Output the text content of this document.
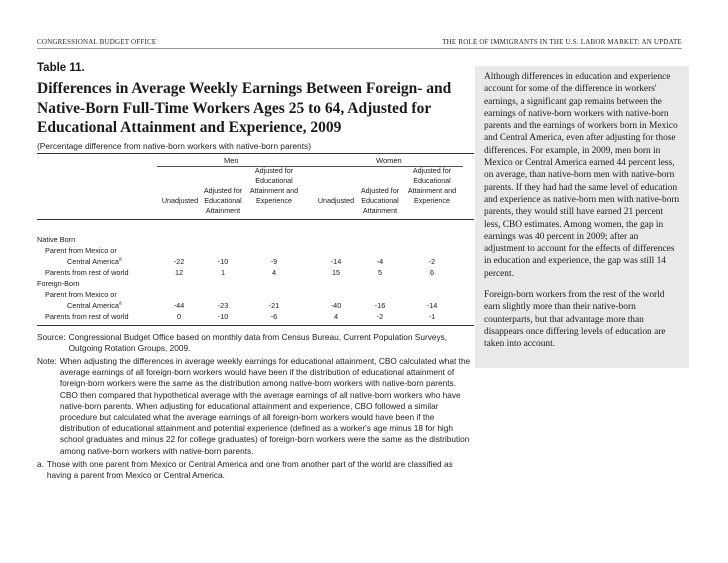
CONGRESSIONAL BUDGET OFFICE	THE ROLE OF IMMIGRANTS IN THE U.S. LABOR MARKET: AN UPDATE
Table 11.
Differences in Average Weekly Earnings Between Foreign- and
Native-Born Full-Time Workers Ages 25 to 64, Adjusted for
Educational Attainment and Experience, 2009
(Percentage difference from native-born workers with native-born parents)
Men	Women
Unadjusted
Adjusted for
Educational
Attainment
Adjusted for
Educational
Attainment and
Experience	Unadjusted
Adjusted for
Educational
Attainment
Adjusted for
Educational
Attainment and
Experience
Native Born
Parent from Mexico or
Central America$^a$	-22	-10	-9	-14	-4	-2
Parents from rest of world	12	1	4	15	5	6
Foreign-Born
Parent from Mexico or
Central America$^a$	-44	-23	-21	-40	-16	-14
Parents from rest of world	0	-10	-6	4	-2	-1
Source: Congressional Budget Office based on monthly data from Census Bureau, Current Population Surveys, Outgoing Rotation Groups, 2009.
Note: When adjusting the differences in average weekly earnings for educational attainment, CBO calculated what the average earnings of all foreign-born workers would have been if the distribution of educational attainment of foreign-born workers were the same as the distribution among native-born workers with native-born parents. CBO then compared that hypothetical average with the average earnings of all native-born workers who have native-born parents. When adjusting for educational attainment and experience, CBO followed a similar procedure but calculated what the average earnings of all foreign-born workers would have been if the distribution of educational attainment and potential experience (defined as a worker's age minus 18 for high school graduates and minus 22 for college graduates) of foreign-born workers were the same as the distribution among native-born workers with native-born parents.
a. Those with one parent from Mexico or Central America and one from another part of the world are classified as having a parent from Mexico or Central America.

Although differences in education and experience account for some of the difference in workers' earnings, a significant gap remains between the earnings of native-born workers with native-born parents and the earnings of workers born in Mexico and Central America, even after adjusting for those differences. For example, in 2009, men born in Mexico or Central America earned 44 percent less, on average, than native-born men with native-born parents. If they had had the same level of education and experience as native-born men with native-born parents, they would still have earned 21 percent less, CBO estimates. Among women, the gap in earnings was 40 percent in 2009; after an adjustment to account for the effects of differences in education and experience, the gap was still 14 percent.

Foreign-born workers from the rest of the world earn slightly more than their native-born counterparts, but that advantage more than disappears once differing levels of education are taken into account.
